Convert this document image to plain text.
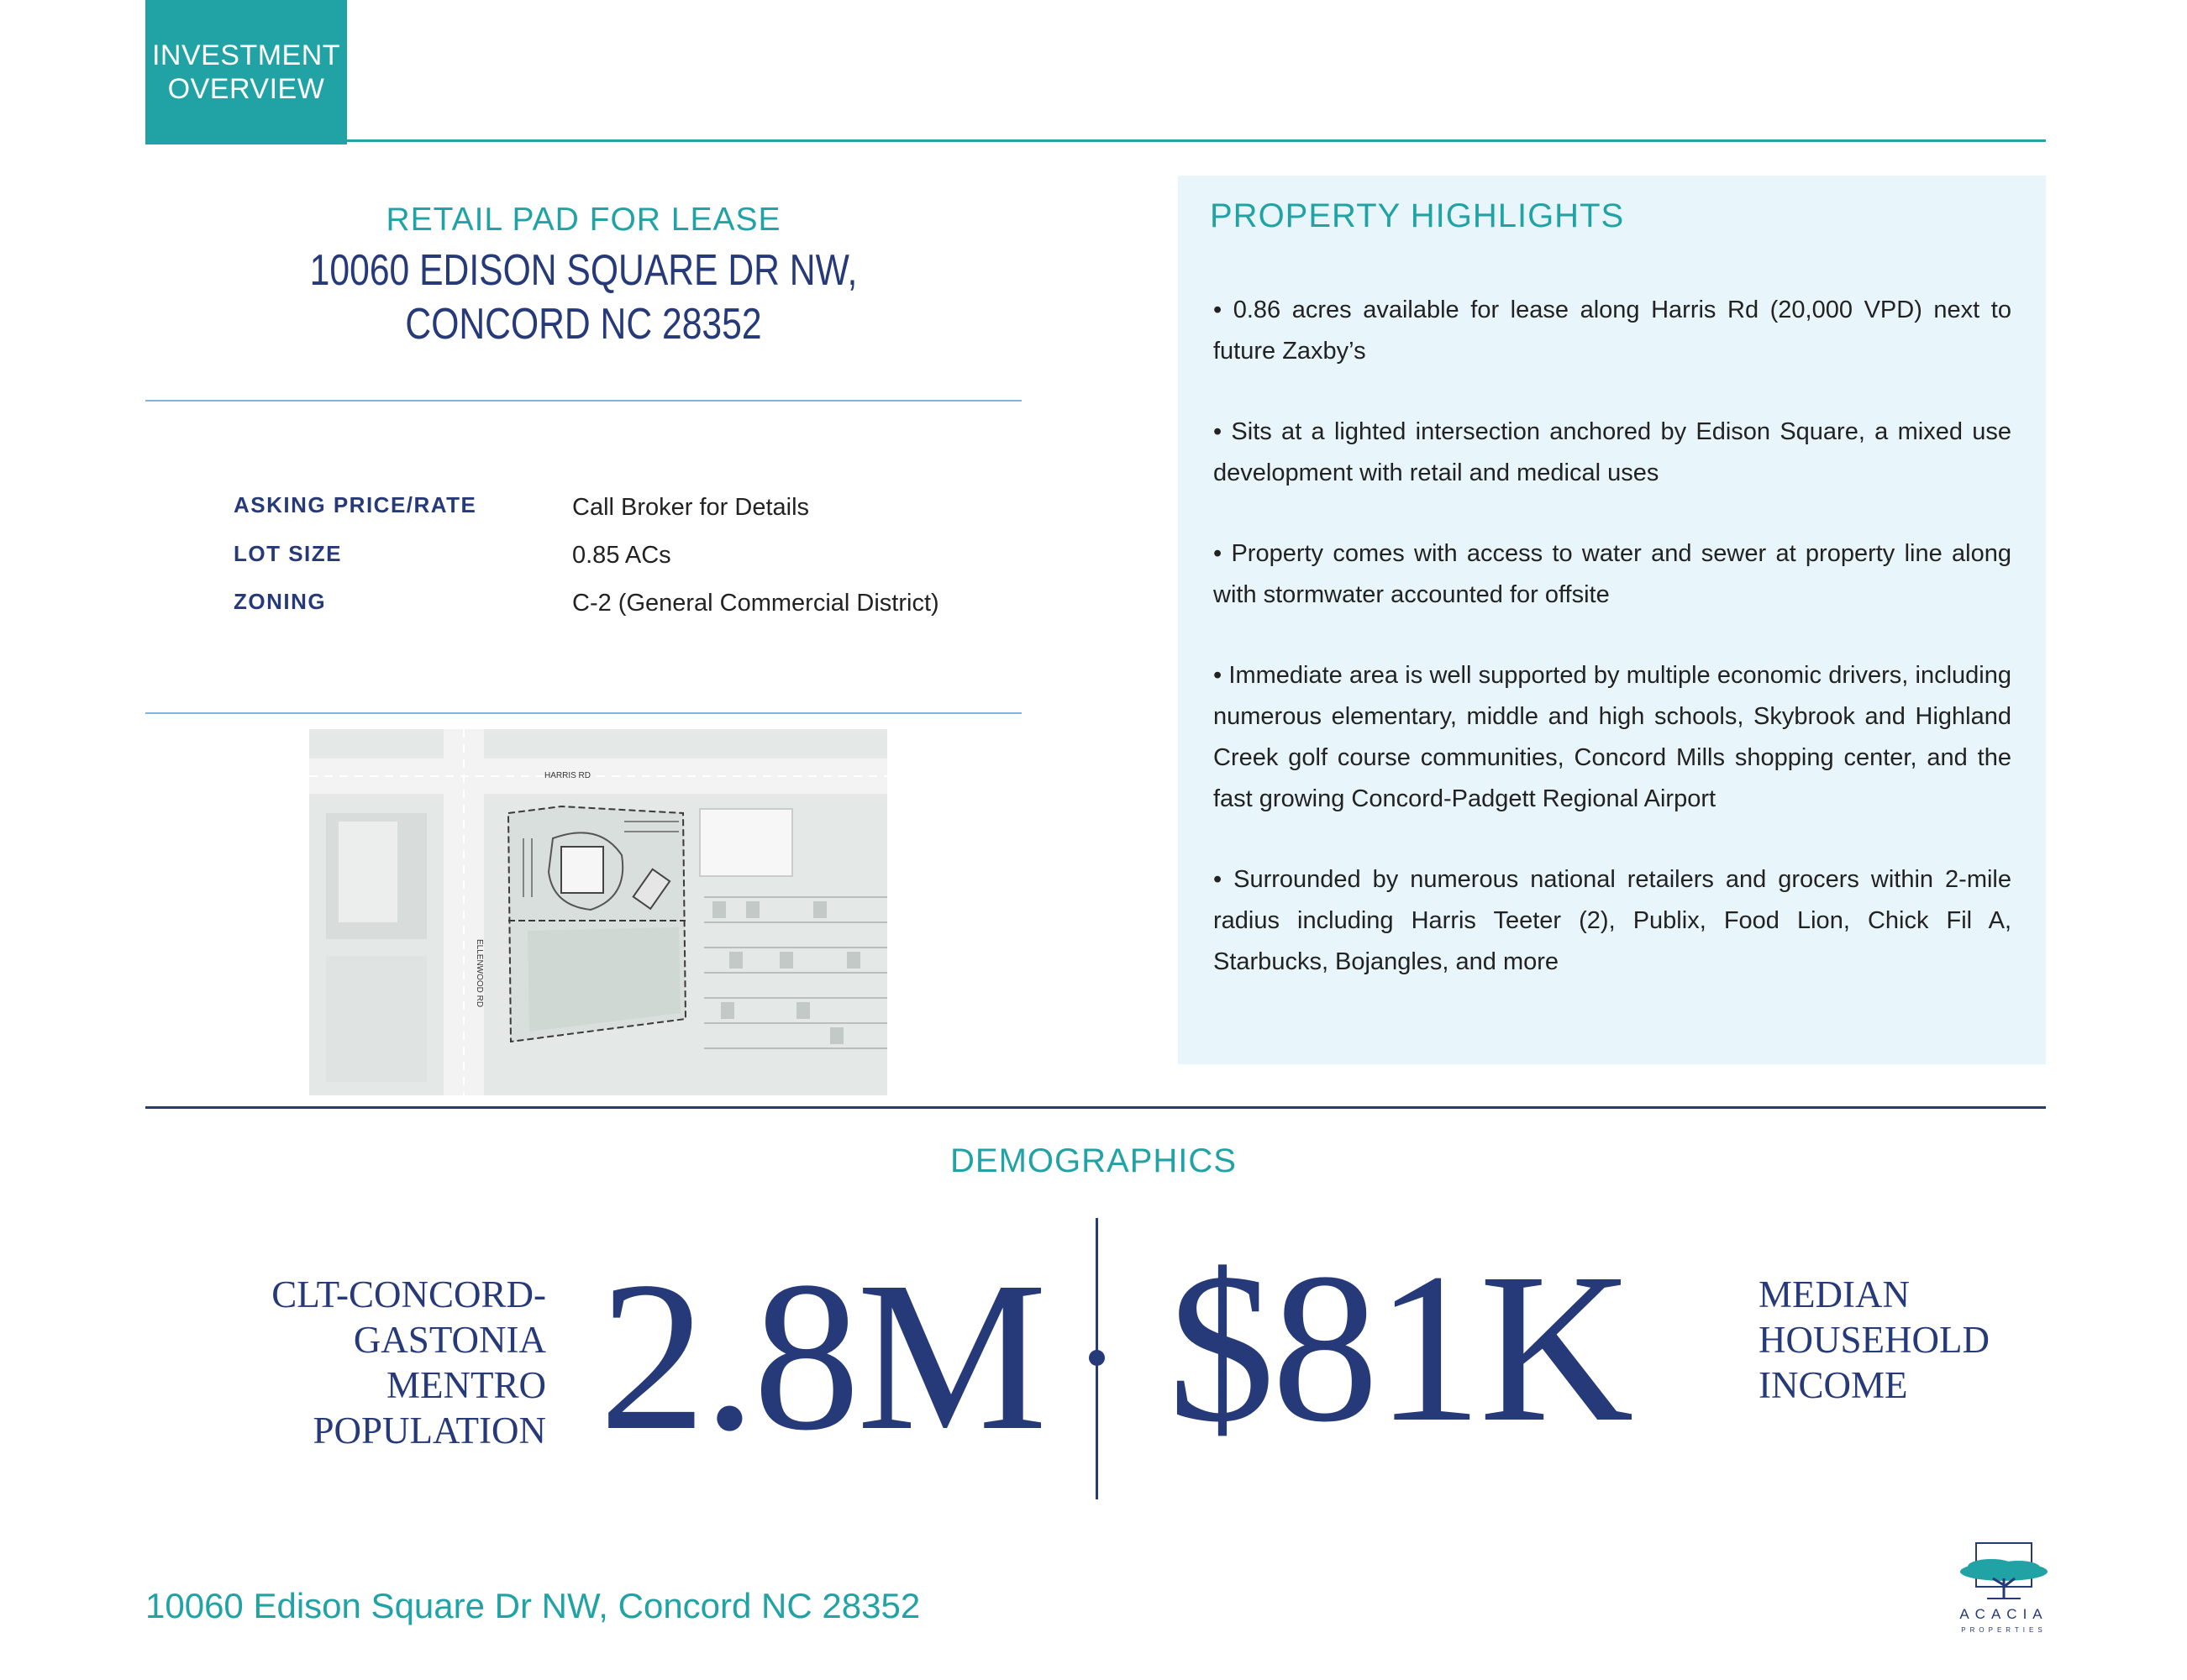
INVESTMENT
OVERVIEW
RETAIL PAD FOR LEASE
10060 EDISON SQUARE DR NW,
CONCORD NC 28352
ASKING PRICE/RATE	Call Broker for Details
LOT SIZE	0.85 ACs
ZONING	C-2 (General Commercial District)
HARRIS RD
ELLENWOOD RD
PROPERTY HIGHLIGHTS
• 0.86 acres available for lease along Harris Rd (20,000 VPD) next to future Zaxby’s
• Sits at a lighted intersection anchored by Edison Square, a mixed use development with retail and medical uses
• Property comes with access to water and sewer at property line along with stormwater accounted for offsite
• Immediate area is well supported by multiple economic drivers, including numerous elementary, middle and high schools, Skybrook and Highland Creek golf course communities, Concord Mills shopping center, and the fast growing Concord-Padgett Regional Airport
• Surrounded by numerous national retailers and grocers within 2-mile radius including Harris Teeter (2), Publix, Food Lion, Chick Fil A, Starbucks, Bojangles, and more
DEMOGRAPHICS
CLT-CONCORD-
GASTONIA
MENTRO
POPULATION 2.8M $81K	MEDIAN
HOUSEHOLD
INCOME
10060 Edison Square Dr NW, Concord NC 28352	ACACIA
PROPERTIES
